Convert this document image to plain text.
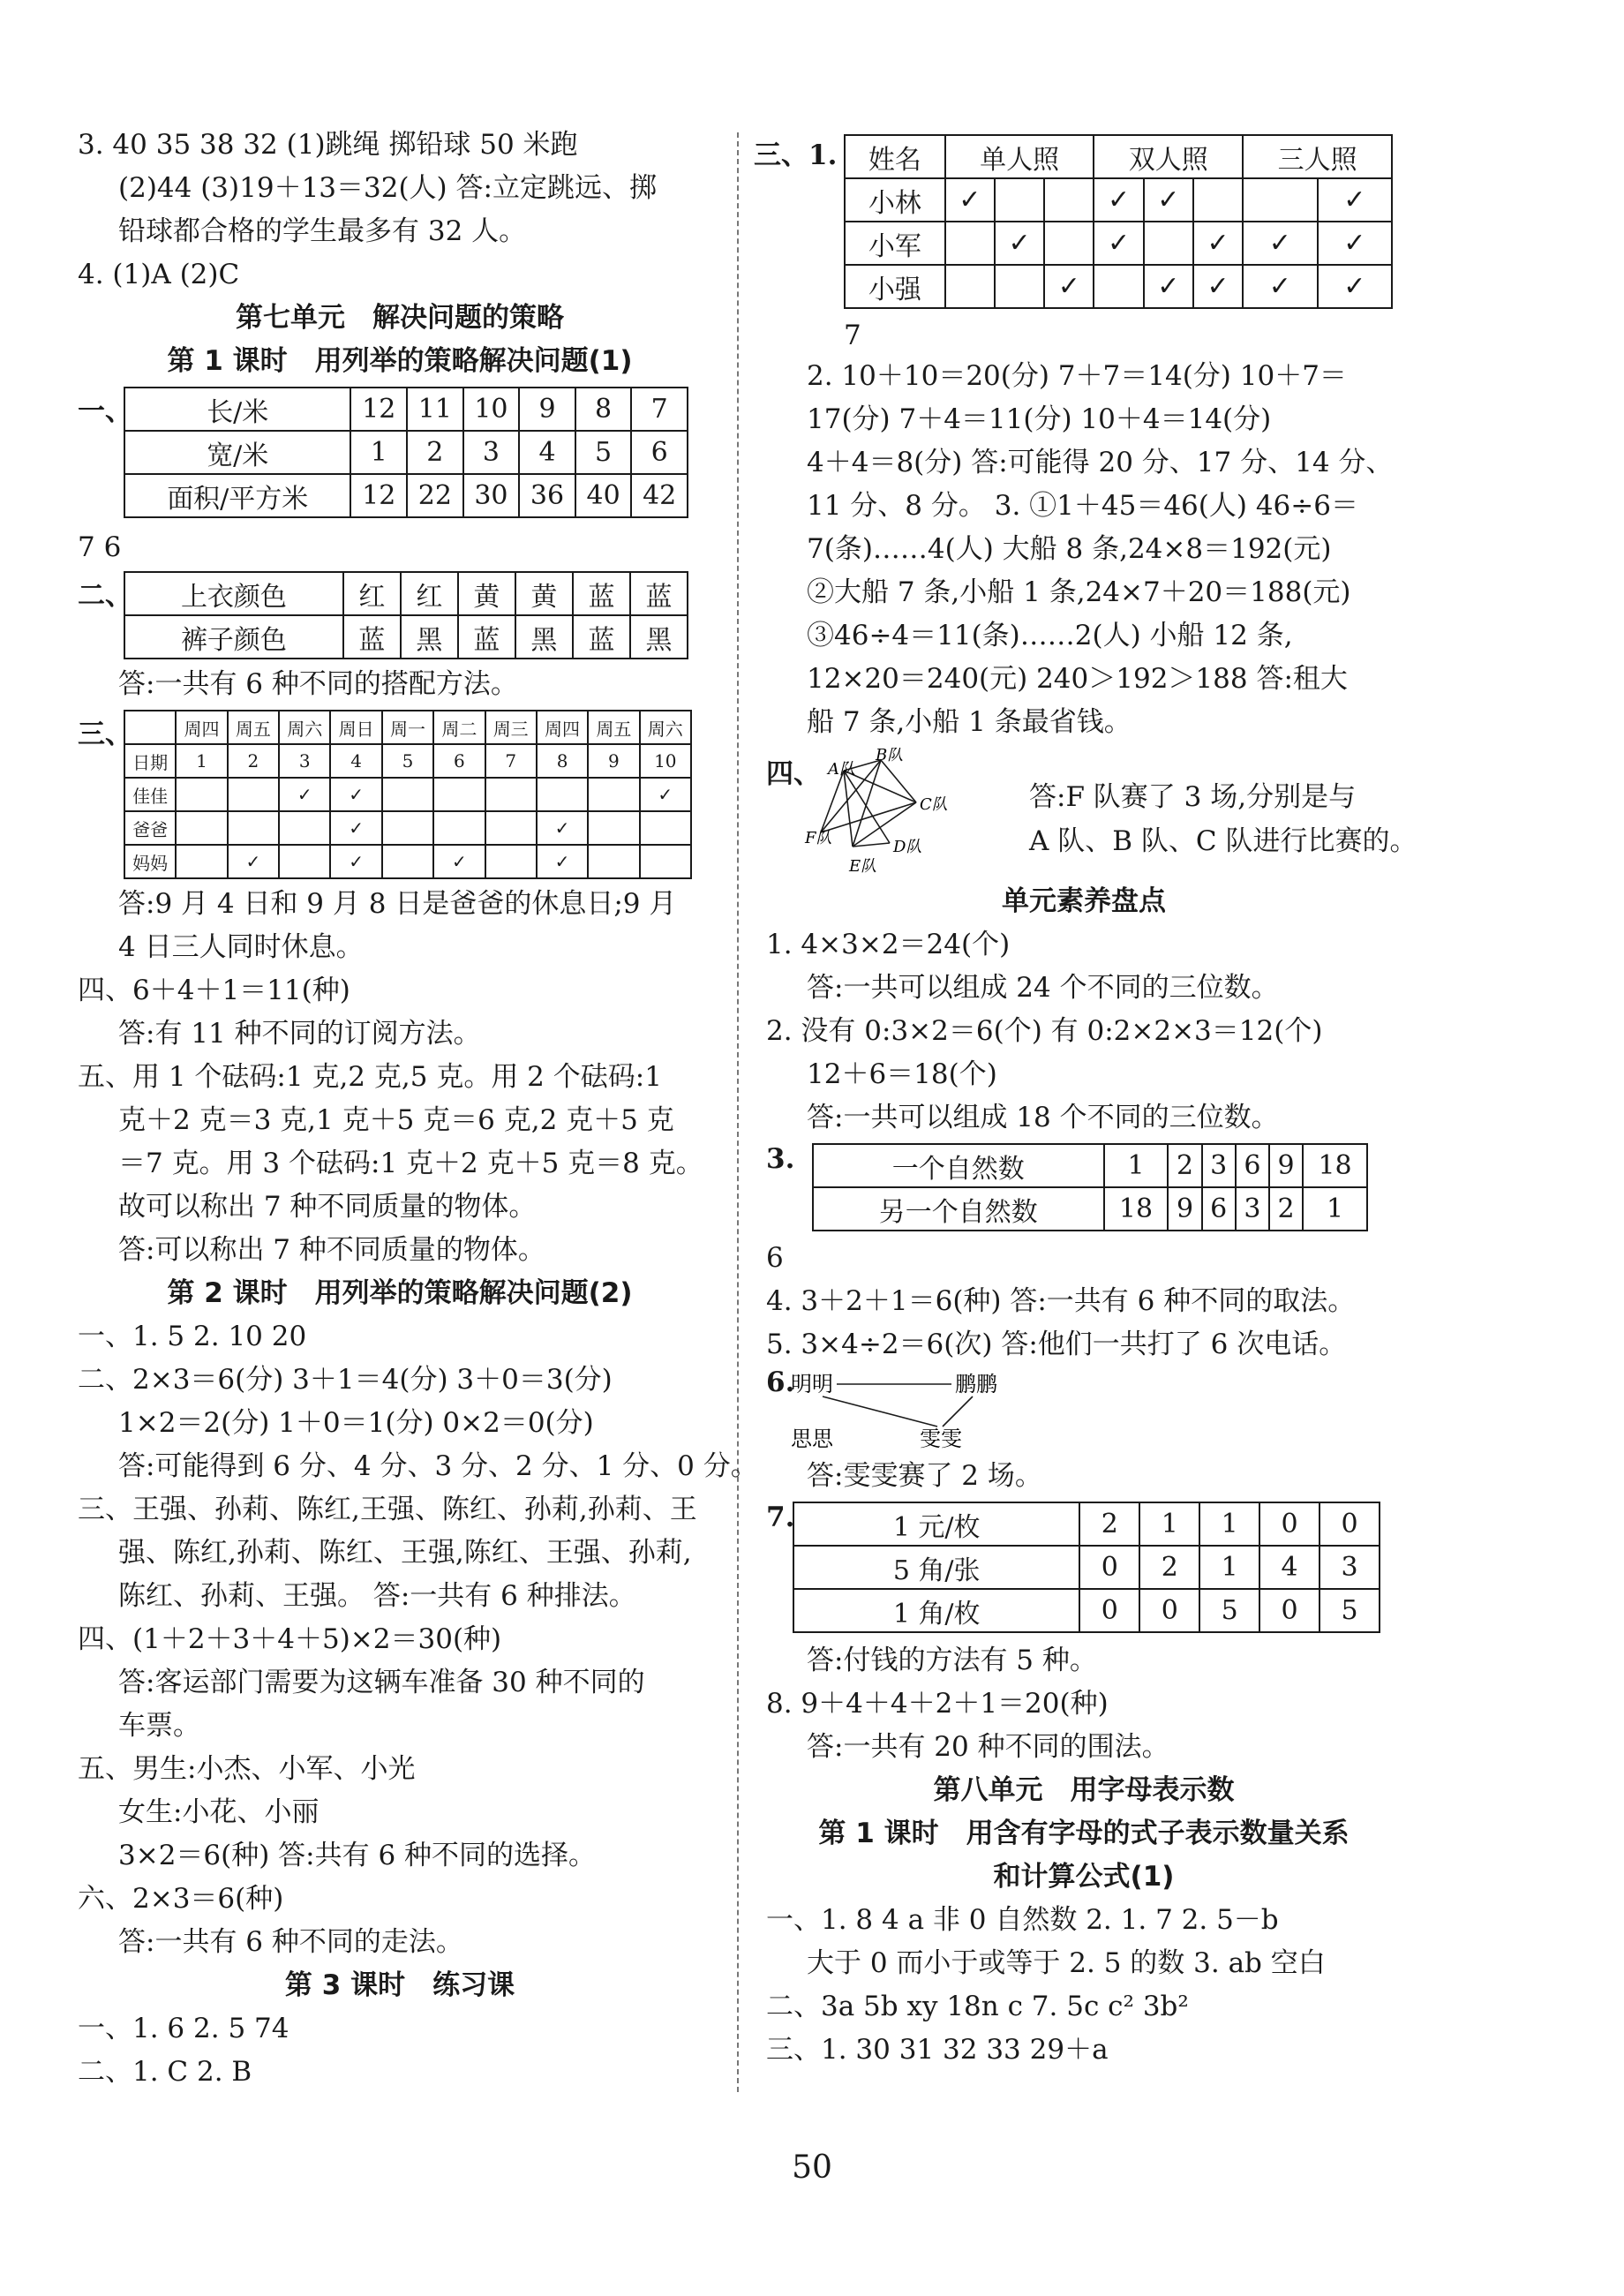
3. 40 35 38 32 (1)跳绳 掷铅球 50 米跑
(2)44 (3)19＋13＝32(人) 答:立定跳远、掷
铅球都合格的学生最多有 32 人。
4. (1)A (2)C
第七单元　解决问题的策略
第 1 课时　用列举的策略解决问题(1)
一、	长/米	12	11	10	9	8	7
宽/米	1	2	3	4	5	6
面积/平方米	12	22	30	36	40	42
7 6
二、 上衣颜色	红	红	黄	黄	蓝	蓝
裤子颜色	蓝	黑	蓝	黑	蓝	黑
答:一共有 6 种不同的搭配方法。
三、
		周四	周五	周六	周日	周一	周二	周三	周四	周五	周六
日期	1	2	3	4	5	6	7	8	9	10
佳佳			✓	✓						✓
爸爸				✓				✓		
妈妈		✓		✓		✓		✓		
答:9 月 4 日和 9 月 8 日是爸爸的休息日;9 月
4 日三人同时休息。
四、6＋4＋1＝11(种)
答:有 11 种不同的订阅方法。
五、用 1 个砝码:1 克,2 克,5 克。用 2 个砝码:1
克＋2 克＝3 克,1 克＋5 克＝6 克,2 克＋5 克
＝7 克。用 3 个砝码:1 克＋2 克＋5 克＝8 克。
故可以称出 7 种不同质量的物体。
答:可以称出 7 种不同质量的物体。
第 2 课时　用列举的策略解决问题(2)
一、1. 5 2. 10 20
二、2×3＝6(分) 3＋1＝4(分) 3＋0＝3(分)
1×2＝2(分) 1＋0＝1(分) 0×2＝0(分)
答:可能得到 6 分、4 分、3 分、2 分、1 分、0 分。
三、王强、孙莉、陈红,王强、陈红、孙莉,孙莉、王
强、陈红,孙莉、陈红、王强,陈红、王强、孙莉,
陈红、孙莉、王强。 答:一共有 6 种排法。
四、(1＋2＋3＋4＋5)×2＝30(种)
答:客运部门需要为这辆车准备 30 种不同的
车票。
五、男生:小杰、小军、小光
女生:小花、小丽
3×2＝6(种) 答:共有 6 种不同的选择。
六、2×3＝6(种)
答:一共有 6 种不同的走法。
第 3 课时　练习课
一、1. 6 2. 5 74
二、1. C 2. B
三、1. 姓名	单人照			双人照			三人照	
小林	✓			✓	✓			✓
小军		✓		✓		✓	✓	✓
小强			✓		✓	✓	✓	✓
7
2. 10＋10＝20(分) 7＋7＝14(分) 10＋7＝
17(分) 7＋4＝11(分) 10＋4＝14(分)
4＋4＝8(分) 答:可能得 20 分、17 分、14 分、
11 分、8 分。 3. ①1＋45＝46(人) 46÷6＝
7(条)……4(人) 大船 8 条,24×8＝192(元)
②大船 7 条,小船 1 条,24×7＋20＝188(元)
③46÷4＝11(条)……2(人) 小船 12 条,
12×20＝240(元) 240＞192＞188 答:租大
船 7 条,小船 1 条最省钱。
四、 A队
B队
C队
D队
E队
F队
答:F 队赛了 3 场,分别是与
A 队、B 队、C 队进行比赛的。
单元素养盘点
1. 4×3×2＝24(个)
答:一共可以组成 24 个不同的三位数。
2. 没有 0:3×2＝6(个) 有 0:2×2×3＝12(个)
12＋6＝18(个)
答:一共可以组成 18 个不同的三位数。
3.	一个自然数	1	2	3	6	9	18
另一个自然数	18	9	6	3	2	1
6
4. 3＋2＋1＝6(种) 答:一共有 6 种不同的取法。
5. 3×4÷2＝6(次) 答:他们一共打了 6 次电话。
6.
明明	鹏鹏
思思	雯雯
答:雯雯赛了 2 场。
7.	1 元/枚	2	1	1	0	0
5 角/张	0	2	1	4	3
1 角/枚	0	0	5	0	5
答:付钱的方法有 5 种。
8. 9＋4＋4＋2＋1＝20(种)
答:一共有 20 种不同的围法。
第八单元　用字母表示数
第 1 课时　用含有字母的式子表示数量关系
和计算公式(1)
一、1. 8 4 a 非 0 自然数 2. 1. 7 2. 5－b
大于 0 而小于或等于 2. 5 的数 3. ab 空白
二、3a 5b xy 18n c 7. 5c c² 3b²
三、1. 30 31 32 33 29＋a
50
